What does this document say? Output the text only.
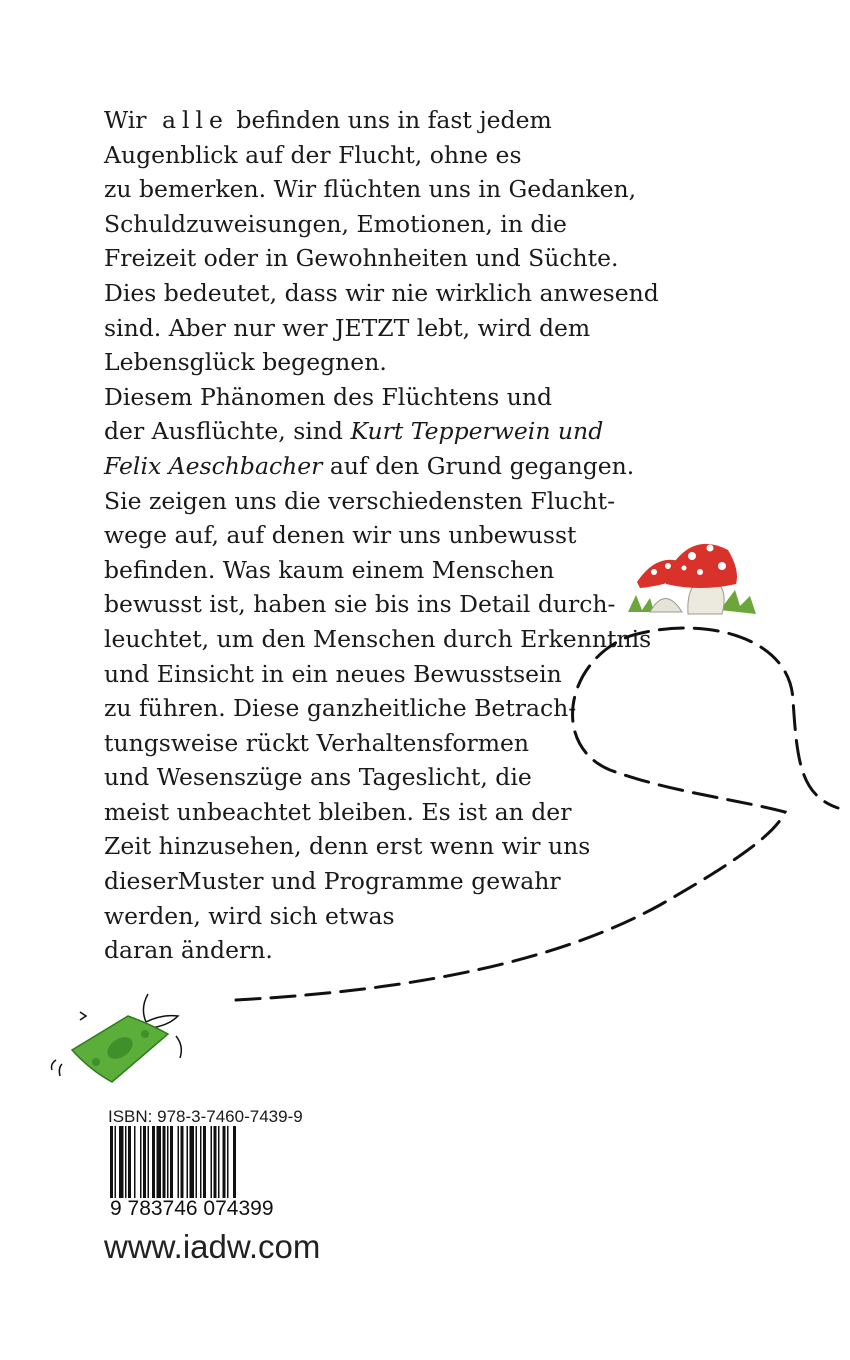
Wir alle befinden uns in fast jedem
Augenblick auf der Flucht, ohne es
zu bemerken. Wir flüchten uns in Gedanken,
Schuldzuweisungen, Emotionen, in die
Freizeit oder in Gewohnheiten und Süchte.
Dies bedeutet, dass wir nie wirklich anwesend
sind. Aber nur wer JETZT lebt, wird dem
Lebensglück begegnen.
Diesem Phänomen des Flüchtens und
der Ausflüchte, sind Kurt Tepperwein und
Felix Aeschbacher auf den Grund gegangen.
Sie zeigen uns die verschiedensten Flucht-
wege auf, auf denen wir uns unbewusst
befinden. Was kaum einem Menschen
bewusst ist, haben sie bis ins Detail durch-
leuchtet, um den Menschen durch Erkenntnis
und Einsicht in ein neues Bewusstsein
zu führen. Diese ganzheitliche Betrach-
tungsweise rückt Verhaltensformen
und Wesenszüge ans Tageslicht, die
meist unbeachtet bleiben. Es ist an der
Zeit hinzusehen, denn erst wenn wir uns
dieserMuster und Programme gewahr
werden, wird sich etwas
daran ändern.
ISBN: 978-3-7460-7439-9
9 783746 074399
www.iadw.com
